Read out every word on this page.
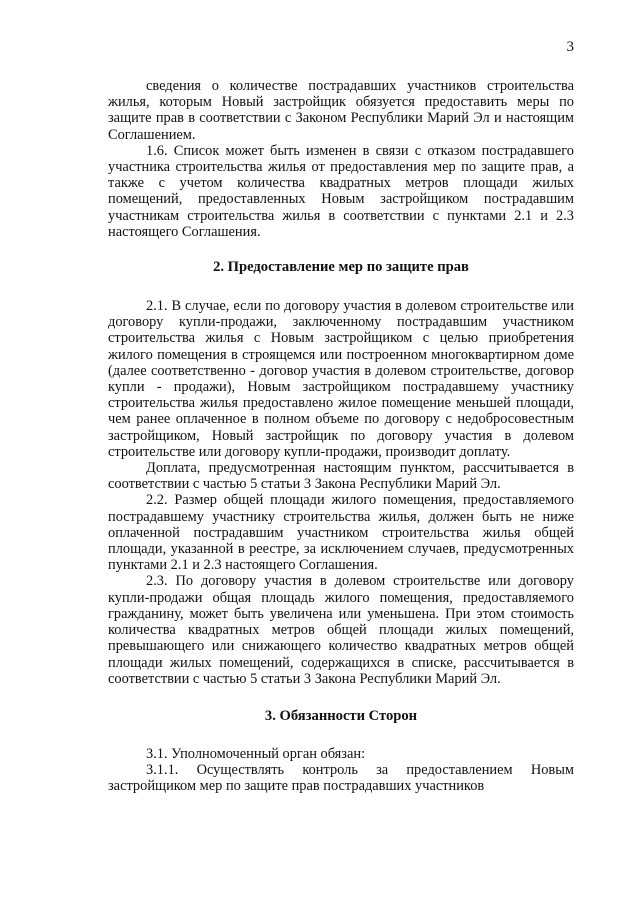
3

сведения о количестве пострадавших участников строительства жилья, которым Новый застройщик обязуется предоставить меры по защите прав в соответствии с Законом Республики Марий Эл и настоящим Соглашением.

1.6. Список может быть изменен в связи с отказом пострадавшего участника строительства жилья от предоставления мер по защите прав, а также с учетом количества квадратных метров площади жилых помещений, предоставленных Новым застройщиком пострадавшим участникам строительства жилья в соответствии с пунктами 2.1 и 2.3 настоящего Соглашения.

2. Предоставление мер по защите прав

2.1. В случае, если по договору участия в долевом строительстве или договору купли-продажи, заключенному пострадавшим участником строительства жилья с Новым застройщиком с целью приобретения жилого помещения в строящемся или построенном многоквартирном доме (далее соответственно - договор участия в долевом строительстве, договор купли - продажи), Новым застройщиком пострадавшему участнику строительства жилья предоставлено жилое помещение меньшей площади, чем ранее оплаченное в полном объеме по договору с недобросовестным застройщиком, Новый застройщик по договору участия в долевом строительстве или договору купли-продажи, производит доплату.

Доплата, предусмотренная настоящим пунктом, рассчитывается в соответствии с частью 5 статьи 3 Закона Республики Марий Эл.

2.2. Размер общей площади жилого помещения, предоставляемого пострадавшему участнику строительства жилья, должен быть не ниже оплаченной пострадавшим участником строительства жилья общей площади, указанной в реестре, за исключением случаев, предусмотренных пунктами 2.1 и 2.3 настоящего Соглашения.

2.3. По договору участия в долевом строительстве или договору купли-продажи общая площадь жилого помещения, предоставляемого гражданину, может быть увеличена или уменьшена. При этом стоимость количества квадратных метров общей площади жилых помещений, превышающего или снижающего количество квадратных метров общей площади жилых помещений, содержащихся в списке, рассчитывается в соответствии с частью 5 статьи 3 Закона Республики Марий Эл.

3. Обязанности Сторон

3.1. Уполномоченный орган обязан:

3.1.1. Осуществлять контроль за предоставлением Новым застройщиком мер по защите прав пострадавших участников
